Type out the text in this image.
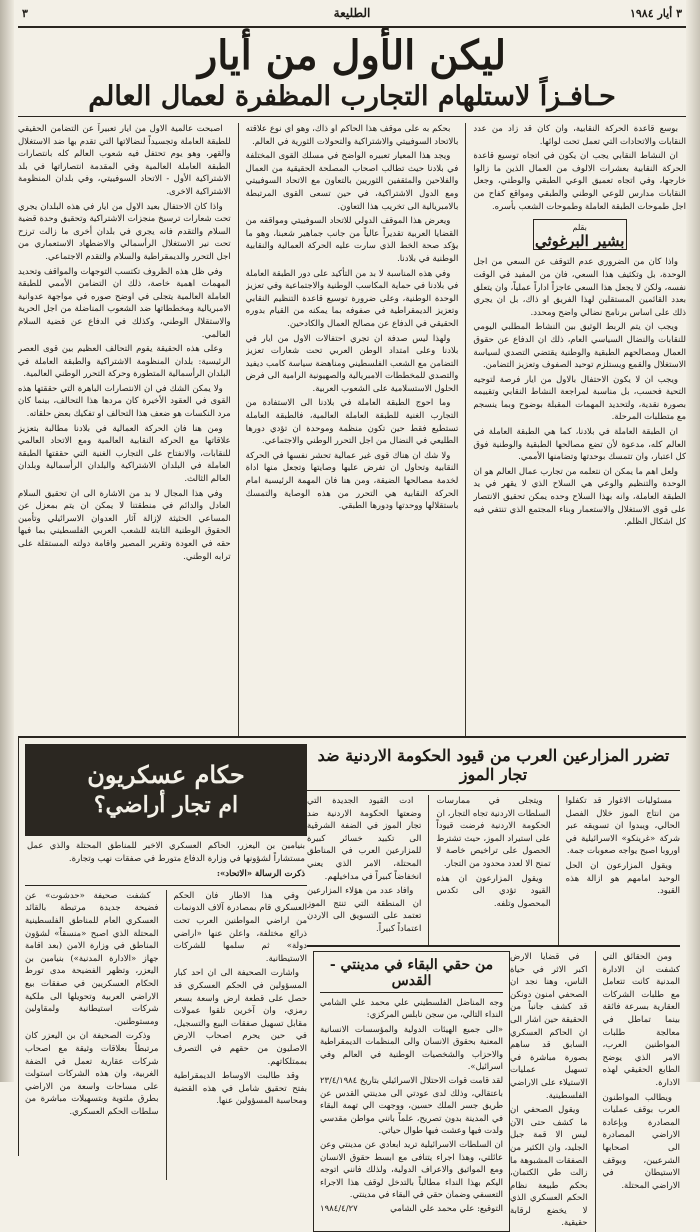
٣ أيار ١٩٨٤
الطليعة
٣
ليكن الأول من أيار
حـافـزاً لاستلهام التجارب المظفرة لعمال العالم

اصبحت عالمية الاول من ايار تعبيراً عن التضامن الحقيقي للطبقة العاملة وتجسيداً لنضالاتها التي تقدم بها ضد الاستغلال والقهر، وهو يوم تحتفل فيه شعوب العالم كله بانتصارات الطبقة العاملة العالمية وفي المقدمة انتصاراتها في بلد الاشتراكية الأول - الاتحاد السوفييتي، وفي بلدان المنظومة الاشتراكية الاخرى.

واذا كان الاحتفال بعيد الاول من ايار في هذه البلدان يجري تحت شعارات ترسيخ منجزات الاشتراكية وتحقيق وحدة قضية السلام والتقدم فانه يجري في بلدان أخرى ما زالت ترزح تحت نير الاستغلال الرأسمالي والاضطهاد الاستعماري من اجل التحرر والديمقراطية والسلام والتقدم الاجتماعي.

وفي ظل هذه الظروف تكتسب التوجهات والمواقف وتحديد المهمات اهمية خاصة، ذلك ان التضامن الأممي للطبقة العاملة العالمية يتجلى في اوضح صوره في مواجهة عدوانية الامبريالية ومخططاتها ضد الشعوب المناضلة من اجل الحرية والاستقلال الوطني، وكذلك في الدفاع عن قضية السلام العالمي.

وعلى هذه الحقيقة يقوم التحالف العظيم بين قوى العصر الرئيسية: بلدان المنظومة الاشتراكية والطبقة العاملة في البلدان الرأسمالية المتطورة وحركة التحرر الوطني العالمية.

ولا يمكن الشك في ان الانتصارات الباهرة التي حققتها هذه القوى في العقود الأخيرة كان مردها هذا التحالف، بينما كان مرد النكسات هو ضعف هذا التحالف او تفكيك بعض حلقاته.

ومن هنا فان الحركة العمالية في بلادنا مطالبة بتعزيز علاقاتها مع الحركة النقابية العالمية ومع الاتحاد العالمي للنقابات، والانفتاح على التجارب الغنية التي حققتها الطبقة العاملة في البلدان الاشتراكية والبلدان الرأسمالية وبلدان العالم الثالث.

وفي هذا المجال لا بد من الاشارة الى ان تحقيق السلام العادل والدائم في منطقتنا لا يمكن ان يتم بمعزل عن المساعي الحثيثة لإزالة آثار العدوان الاسرائيلي وتأمين الحقوق الوطنية الثابتة للشعب العربي الفلسطيني بما فيها حقه في العودة وتقرير المصير واقامة دولته المستقلة على ترابه الوطني.

بحكم به على موقف هذا الحاكم او ذاك، وهو اي نوع علاقته بالاتحاد السوفييتي والاشتراكية والتحولات الثورية في العالم.

ويجد هذا المعيار تعبيره الواضح في مسلك القوى المختلفة في بلادنا حيث تطالب اصحاب المصلحة الحقيقية من العمال والفلاحين والمثقفين الثوريين بالتعاون مع الاتحاد السوفييتي ومع الدول الاشتراكية، في حين تسعى القوى المرتبطة بالامبريالية الى تخريب هذا التعاون.

ويعرض هذا الموقف الدولي للاتحاد السوفييتي ومواقفه من القضايا العربية تقديراً عالياً من جانب جماهير شعبنا، وهو ما يؤكد صحة الخط الذي سارت عليه الحركة العمالية والنقابية الوطنية في بلادنا.

وفي هذه المناسبة لا بد من التأكيد على دور الطبقة العاملة في بلادنا في حماية المكاسب الوطنية والاجتماعية وفي تعزيز الوحدة الوطنية، وعلى ضرورة توسيع قاعدة التنظيم النقابي وتعزيز الديمقراطية في صفوفه بما يمكنه من القيام بدوره الحقيقي في الدفاع عن مصالح العمال والكادحين.

ولهذا ليس صدفة ان تجري احتفالات الاول من ايار في بلادنا وعلى امتداد الوطن العربي تحت شعارات تعزيز التضامن مع الشعب الفلسطيني ومناهضة سياسة كامب ديفيد والتصدي للمخططات الامبريالية والصهيونية الرامية الى فرض الحلول الاستسلامية على الشعوب العربية.

وما احوج الطبقة العاملة في بلادنا الى الاستفادة من التجارب الغنية للطبقة العاملة العالمية، فالطبقة العاملة تستطيع فقط حين تكون منظمة وموحدة ان تؤدي دورها الطليعي في النضال من اجل التحرر الوطني والاجتماعي.

ولا شك ان هناك قوى غير عمالية تحشر نفسها في الحركة النقابية وتحاول ان تفرض عليها وصايتها وتجعل منها اداة لخدمة مصالحها الضيقة، ومن هنا فان المهمة الرئيسية امام الحركة النقابية هي التحرر من هذه الوصاية والتمسك باستقلالها ووحدتها ودورها الطبقي.

بوسع قاعدة الحركة النقابية، وان كان قد زاد من عدد النقابات والاتحادات التي تعمل تحت لوائها.

ان النشاط النقابي يجب ان يكون في اتجاه توسيع قاعدة الحركة النقابية بعشرات الالوف من العمال الذين ما زالوا خارجها، وفي اتجاه تعميق الوعي الطبقي والوطني، وجعل النقابات مدارس للوعي الوطني والطبقي ومواقع كفاح من اجل طموحات الطبقة العاملة وطموحات الشعب بأسره.

بقلم
بشير البرغوثي

واذا كان من الضروري عدم التوقف عن السعي من اجل الوحدة، بل وتكثيف هذا السعي، فان من المفيد في الوقت نفسه، ولكن لا يجعل هذا السعي عاجزاً اداراً عملياً، وان يتعلق بعدد القائمين المستقلين لهذا الفريق او ذاك، بل ان يجري ذلك على اساس برنامج نضالي واضح ومحدد.

ويجب ان يتم الربط الوثيق بين النشاط المطلبي اليومي للنقابات والنضال السياسي العام، ذلك ان الدفاع عن حقوق العمال ومصالحهم الطبقية والوطنية يقتضي التصدي لسياسة الاستغلال والقمع ويستلزم توحيد الصفوف وتعزيز التضامن.

ويجب ان لا يكون الاحتفال بالاول من ايار فرصة لتوجيه التحية فحسب، بل مناسبة لمراجعة النشاط النقابي وتقييمه بصورة نقدية، ولتحديد المهمات المقبلة بوضوح وبما ينسجم مع متطلبات المرحلة.

ان الطبقة العاملة في بلادنا، كما هي الطبقة العاملة في العالم كله، مدعوة لأن تضع مصالحها الطبقية والوطنية فوق كل اعتبار، وان تتمسك بوحدتها وتضامنها الأممي.

ولعل اهم ما يمكن ان نتعلمه من تجارب عمال العالم هو ان الوحدة والتنظيم والوعي هي السلاح الذي لا يقهر في يد الطبقة العاملة، وانه بهذا السلاح وحده يمكن تحقيق الانتصار على قوى الاستغلال والاستعمار وبناء المجتمع الذي تنتفي فيه كل اشكال الظلم.

حكام عسكريون
ام تجار أراضي؟
بنيامين بن اليعزر، الحاكم العسكري الاخير للمناطق المحتلة والذي عمل مستشاراً لشؤونها في وزارة الدفاع متورط في صفقات نهب وتجارة.
ذكرت الرسالة «الاتحاد»:

كشفت صحيفة «حدشوت» عن فضيحة جديدة مرتبطة بالقائد العسكري العام للمناطق الفلسطينية المحتلة الذي اصبح «منسقاً» لشؤون المناطق في وزارة الامن (بعد اقامة جهاز «الادارة المدنية») بنيامين بن اليعزر، وتظهر الفضيحة مدى تورط الحكام العسكريين في صفقات بيع الاراضي العربية وتحويلها الى ملكية شركات استيطانية ولمقاولين ومستوطنين.

وذكرت الصحيفة ان بن اليعزر كان مرتبطاً بعلاقات وثيقة مع اصحاب شركات عقارية تعمل في الضفة الغربية، وان هذه الشركات استولت على مساحات واسعة من الاراضي بطرق ملتوية وبتسهيلات مباشرة من سلطات الحكم العسكري.

وفي هذا الاطار فان الحكم العسكري قام بمصادرة آلاف الدونمات من اراضي المواطنين العرب تحت ذرائع مختلفة، واعلن عنها «اراضي دولة» ثم سلمها للشركات الاستيطانية.

واشارت الصحيفة الى ان احد كبار المسؤولين في الحكم العسكري قد حصل على قطعة ارض واسعة بسعر رمزي، وان آخرين تلقوا عمولات مقابل تسهيل صفقات البيع والتسجيل، في حين يحرم اصحاب الارض الاصليون من حقهم في التصرف بممتلكاتهم.

وقد طالبت الاوساط الديمقراطية بفتح تحقيق شامل في هذه القضية ومحاسبة المسؤولين عنها.

تضرر المزارعين العرب من قيود الحكومة الاردنية ضد تجار الموز

ادت القيود الجديدة التي وضعتها الحكومة الاردنية ضد تجار الموز في الضفة الشرقية الى تكبيد خسائر كبيرة للمزارعين العرب في المناطق المحتلة، الامر الذي يعني انخفاضاً كبيراً في مداخيلهم.

وافاد عدد من هؤلاء المزارعين ان المنطقة التي تنتج الموز تعتمد على التسويق الى الاردن اعتماداً كبيراً.

ويتجلى في ممارسات السلطات الاردنية تجاه التجار، ان الحكومة الاردنية فرضت قيوداً على استيراد الموز، حيث تشترط الحصول على تراخيص خاصة لا تمنح الا لعدد محدود من التجار.

ويقول المزارعون ان هذه القيود تؤدي الى تكدس المحصول وتلفه.

مسئوليات الاغوار قد تكفلوا من انتاج الموز خلال الفصل الحالي، ويبدوا ان تسويقه عبر شركة «غرينكو» الاسرائيلية في اوروبا اصبح يواجه صعوبات جمة.

ويقول المزارعون ان الحل الوحيد امامهم هو ازالة هذه القيود.

من حقي البقاء في مدينتي - القدس

وجه المناضل الفلسطيني علي محمد علي الشامي النداء التالي، من سجن نابلس المركزي:

«الى جميع الهيئات الدولية والمؤسسات الانسانية المعنية بحقوق الانسان والى المنظمات الديمقراطية والاحزاب والشخصيات الوطنية في العالم وفي اسرائيل».

لقد قامت قوات الاحتلال الاسرائيلي بتاريخ ٢٣/٤/١٩٨٤ باعتقالي، وذلك لدى عودتي الى مدينتي القدس عن طريق جسر الملك حسين، ووجهت الي تهمة البقاء في المدينة بدون تصريح، علماً بانني مواطن مقدسي ولدت فيها وعشت فيها طوال حياتي.

ان السلطات الاسرائيلية تريد ابعادي عن مدينتي وعن عائلتي، وهذا اجراء يتنافى مع ابسط حقوق الانسان ومع المواثيق والاعراف الدولية، ولذلك فانني اتوجه اليكم بهذا النداء مطالباً بالتدخل لوقف هذا الاجراء التعسفي وضمان حقي في البقاء في مدينتي.

التوقيع: علي محمد علي الشامي
١٩٨٤/٤/٢٧

في قضايا الارض اكبر الاثر في حياة الناس، وهنا نجد ان الصحفي امنون دونكن قد كشف جانباً من الحقيقة حين اشار الى ان الحاكم العسكري السابق قد ساهم بصورة مباشرة في تسهيل عمليات الاستيلاء على الاراضي الفلسطينية.

ويقول الصحفي ان ما كشف حتى الآن ليس الا قمة جبل الجليد، وان الكثير من الصفقات المشبوهة ما زالت طي الكتمان، بحكم طبيعة نظام الحكم العسكري الذي لا يخضع لرقابة حقيقية.

ومن الحقائق التي كشفت ان الادارة المدنية كانت تتعامل مع طلبات الشركات العقارية بسرعة فائقة بينما تماطل في معالجة طلبات المواطنين العرب، الامر الذي يوضح الطابع الحقيقي لهذه الادارة.

ويطالب المواطنون العرب بوقف عمليات المصادرة وبإعادة الاراضي المصادرة الى اصحابها الشرعيين، وبوقف الاستيطان في الاراضي المحتلة.
